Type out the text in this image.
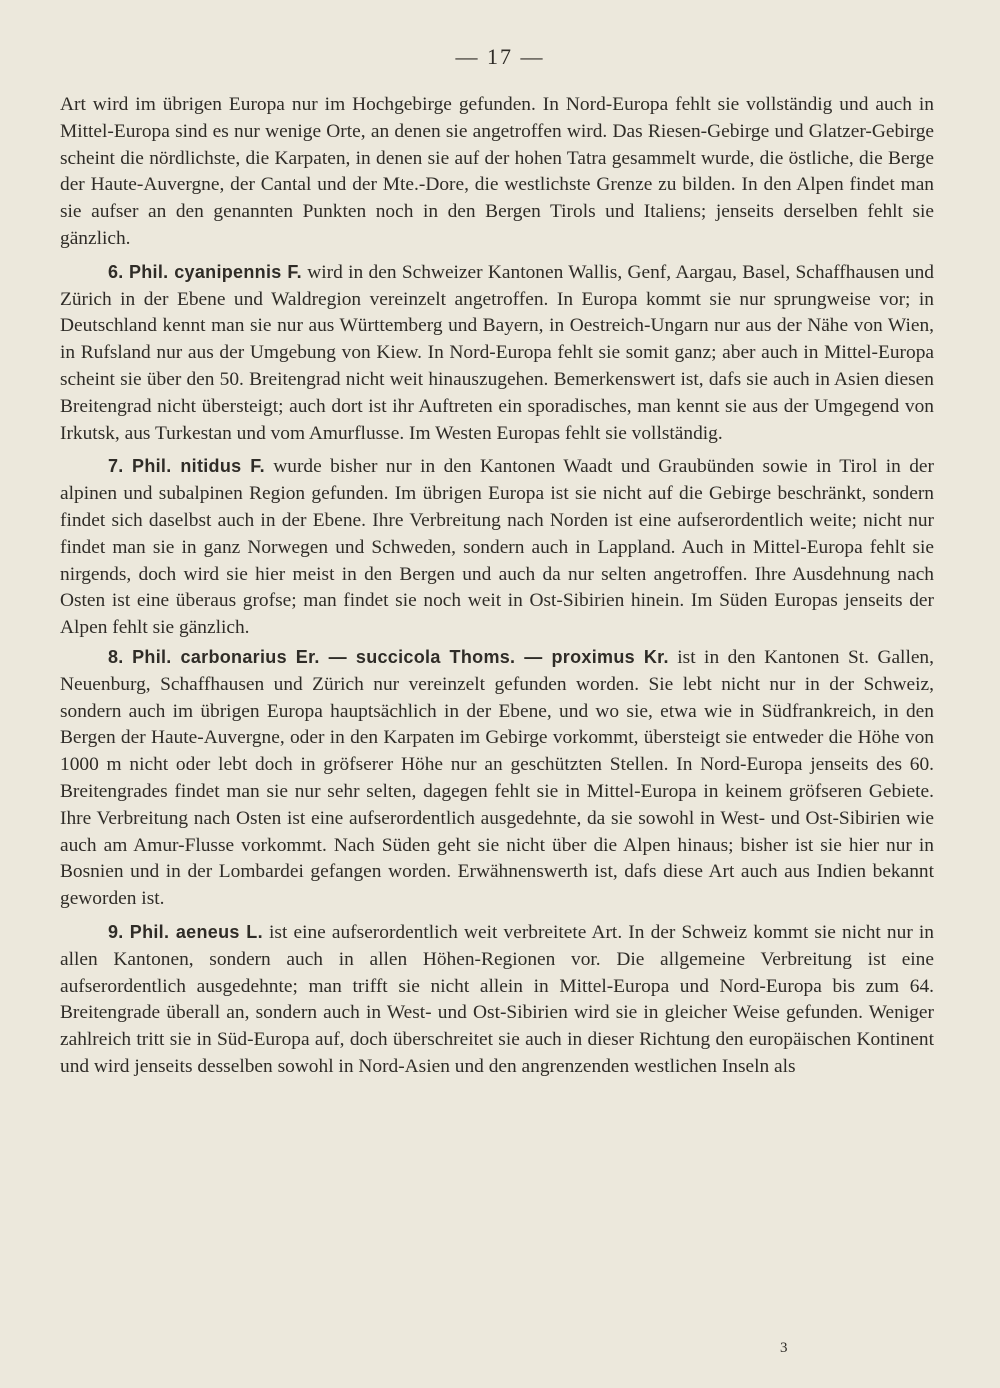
— 17 —

Art wird im übrigen Europa nur im Hochgebirge gefunden. In Nord-Europa fehlt sie vollständig und auch in Mittel-Europa sind es nur wenige Orte, an denen sie angetroffen wird. Das Riesen-Gebirge und Glatzer-Gebirge scheint die nördlichste, die Karpaten, in denen sie auf der hohen Tatra gesammelt wurde, die östliche, die Berge der Haute-Auvergne, der Cantal und der Mte.-Dore, die westlichste Grenze zu bilden. In den Alpen findet man sie aufser an den genannten Punkten noch in den Bergen Tirols und Italiens; jenseits derselben fehlt sie gänzlich.

6. Phil. cyanipennis F. wird in den Schweizer Kantonen Wallis, Genf, Aargau, Basel, Schaffhausen und Zürich in der Ebene und Waldregion vereinzelt angetroffen. In Europa kommt sie nur sprungweise vor; in Deutschland kennt man sie nur aus Württemberg und Bayern, in Oestreich-Ungarn nur aus der Nähe von Wien, in Rufsland nur aus der Umgebung von Kiew. In Nord-Europa fehlt sie somit ganz; aber auch in Mittel-Europa scheint sie über den 50. Breitengrad nicht weit hinauszugehen. Bemerkenswert ist, dafs sie auch in Asien diesen Breitengrad nicht übersteigt; auch dort ist ihr Auftreten ein sporadisches, man kennt sie aus der Umgegend von Irkutsk, aus Turkestan und vom Amurflusse. Im Westen Europas fehlt sie vollständig.

7. Phil. nitidus F. wurde bisher nur in den Kantonen Waadt und Graubünden sowie in Tirol in der alpinen und subalpinen Region gefunden. Im übrigen Europa ist sie nicht auf die Gebirge beschränkt, sondern findet sich daselbst auch in der Ebene. Ihre Verbreitung nach Norden ist eine aufserordentlich weite; nicht nur findet man sie in ganz Norwegen und Schweden, sondern auch in Lappland. Auch in Mittel-Europa fehlt sie nirgends, doch wird sie hier meist in den Bergen und auch da nur selten angetroffen. Ihre Ausdehnung nach Osten ist eine überaus grofse; man findet sie noch weit in Ost-Sibirien hinein. Im Süden Europas jenseits der Alpen fehlt sie gänzlich.

8. Phil. carbonarius Er. — succicola Thoms. — proximus Kr. ist in den Kantonen St. Gallen, Neuenburg, Schaffhausen und Zürich nur vereinzelt gefunden worden. Sie lebt nicht nur in der Schweiz, sondern auch im übrigen Europa hauptsächlich in der Ebene, und wo sie, etwa wie in Südfrankreich, in den Bergen der Haute-Auvergne, oder in den Karpaten im Gebirge vorkommt, übersteigt sie entweder die Höhe von 1000 m nicht oder lebt doch in gröfserer Höhe nur an geschützten Stellen. In Nord-Europa jenseits des 60. Breitengrades findet man sie nur sehr selten, dagegen fehlt sie in Mittel-Europa in keinem gröfseren Gebiete. Ihre Verbreitung nach Osten ist eine aufserordentlich ausgedehnte, da sie sowohl in West- und Ost-Sibirien wie auch am Amur-Flusse vorkommt. Nach Süden geht sie nicht über die Alpen hinaus; bisher ist sie hier nur in Bosnien und in der Lombardei gefangen worden. Erwähnenswerth ist, dafs diese Art auch aus Indien bekannt geworden ist.

9. Phil. aeneus L. ist eine aufserordentlich weit verbreitete Art. In der Schweiz kommt sie nicht nur in allen Kantonen, sondern auch in allen Höhen-Regionen vor. Die allgemeine Verbreitung ist eine aufserordentlich ausgedehnte; man trifft sie nicht allein in Mittel-Europa und Nord-Europa bis zum 64. Breitengrade überall an, sondern auch in West- und Ost-Sibirien wird sie in gleicher Weise gefunden. Weniger zahlreich tritt sie in Süd-Europa auf, doch überschreitet sie auch in dieser Richtung den europäischen Kontinent und wird jenseits desselben sowohl in Nord-Asien und den angrenzenden westlichen Inseln als

3
